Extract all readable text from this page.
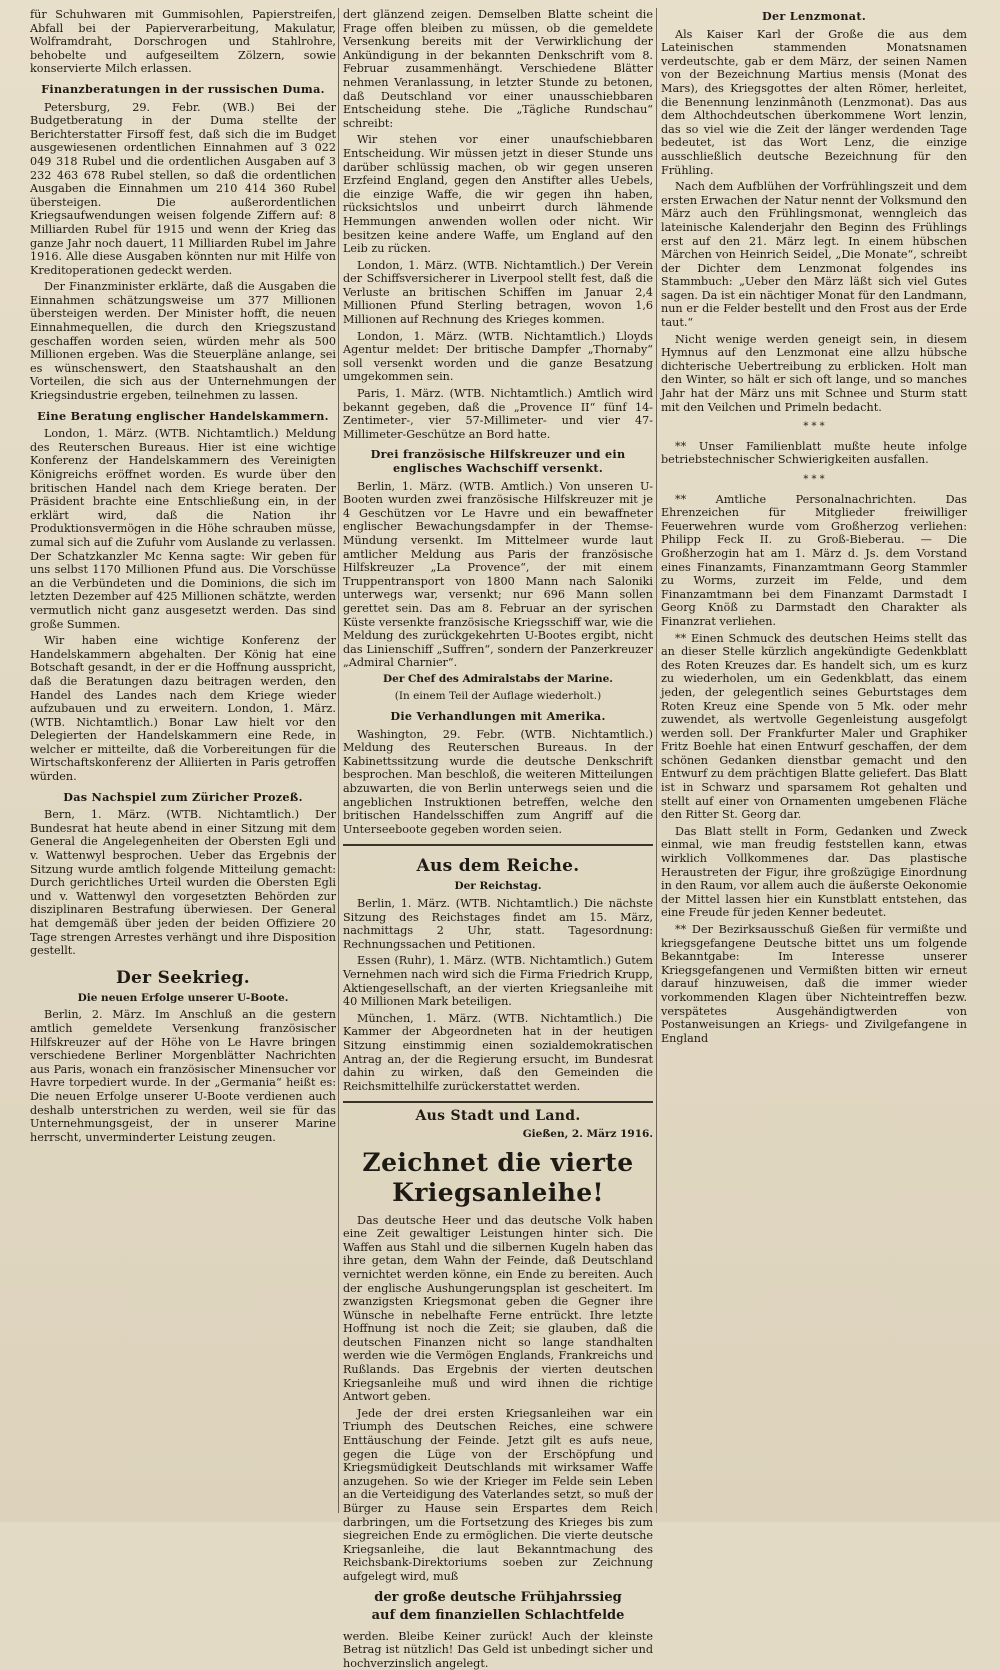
für Schuhwaren mit Gummisohlen, Papierstreifen, Abfall bei der Papierverarbeitung, Makulatur, Wolframdraht, Dorschrogen und Stahlrohre, behobelte und aufgeseiltem Zölzern, sowie konservierte Milch erlassen.

Finanzberatungen in der russischen Duma.

Petersburg, 29. Febr. (WB.) Bei der Budgetberatung in der Duma stellte der Berichterstatter Firsoff fest, daß sich die im Budget ausgewiesenen ordentlichen Einnahmen auf 3 022 049 318 Rubel und die ordentlichen Ausgaben auf 3 232 463 678 Rubel stellen, so daß die ordentlichen Ausgaben die Einnahmen um 210 414 360 Rubel übersteigen. Die außerordentlichen Kriegsaufwendungen weisen folgende Ziffern auf: 8 Milliarden Rubel für 1915 und wenn der Krieg das ganze Jahr noch dauert, 11 Milliarden Rubel im Jahre 1916. Alle diese Ausgaben könnten nur mit Hilfe von Kreditoperationen gedeckt werden.

Der Finanzminister erklärte, daß die Ausgaben die Einnahmen schätzungsweise um 377 Millionen übersteigen werden. Der Minister hofft, die neuen Einnahmequellen, die durch den Kriegszustand geschaffen worden seien, würden mehr als 500 Millionen ergeben. Was die Steuerpläne anlange, sei es wünschenswert, den Staatshaushalt an den Vorteilen, die sich aus der Unternehmungen der Kriegsindustrie ergeben, teilnehmen zu lassen.

Eine Beratung englischer Handelskammern.

London, 1. März. (WTB. Nichtamtlich.) Meldung des Reuterschen Bureaus. Hier ist eine wichtige Konferenz der Handelskammern des Vereinigten Königreichs eröffnet worden. Es wurde über den britischen Handel nach dem Kriege beraten. Der Präsident brachte eine Entschließung ein, in der erklärt wird, daß die Nation ihr Produktionsvermögen in die Höhe schrauben müsse, zumal sich auf die Zufuhr vom Auslande zu verlassen. Der Schatzkanzler Mc Kenna sagte: Wir geben für uns selbst 1170 Millionen Pfund aus. Die Vorschüsse an die Verbündeten und die Dominions, die sich im letzten Dezember auf 425 Millionen schätzte, werden vermutlich nicht ganz ausgesetzt werden. Das sind große Summen.

Wir haben eine wichtige Konferenz der Handelskammern abgehalten. Der König hat eine Botschaft gesandt, in der er die Hoffnung ausspricht, daß die Beratungen dazu beitragen werden, den Handel des Landes nach dem Kriege wieder aufzubauen und zu erweitern. London, 1. März. (WTB. Nichtamtlich.) Bonar Law hielt vor den Delegierten der Handelskammern eine Rede, in welcher er mitteilte, daß die Vorbereitungen für die Wirtschaftskonferenz der Alliierten in Paris getroffen würden.

Das Nachspiel zum Züricher Prozeß.

Bern, 1. März. (WTB. Nichtamtlich.) Der Bundesrat hat heute abend in einer Sitzung mit dem General die Angelegenheiten der Obersten Egli und v. Wattenwyl besprochen. Ueber das Ergebnis der Sitzung wurde amtlich folgende Mitteilung gemacht: Durch gerichtliches Urteil wurden die Obersten Egli und v. Wattenwyl den vorgesetzten Behörden zur disziplinaren Bestrafung überwiesen. Der General hat demgemäß über jeden der beiden Offiziere 20 Tage strengen Arrestes verhängt und ihre Disposition gestellt.

Der Seekrieg.
Die neuen Erfolge unserer U-Boote.

Berlin, 2. März. Im Anschluß an die gestern amtlich gemeldete Versenkung französischer Hilfskreuzer auf der Höhe von Le Havre bringen verschiedene Berliner Morgenblätter Nachrichten aus Paris, wonach ein französischer Minensucher vor Havre torpediert wurde. In der „Germania“ heißt es: Die neuen Erfolge unserer U-Boote verdienen auch deshalb unterstrichen zu werden, weil sie für das Unternehmungsgeist, der in unserer Marine herrscht, unverminderter Leistung zeugen.

dert glänzend zeigen. Demselben Blatte scheint die Frage offen bleiben zu müssen, ob die gemeldete Versenkung bereits mit der Verwirklichung der Ankündigung in der bekannten Denkschrift vom 8. Februar zusammenhängt. Verschiedene Blätter nehmen Veranlassung, in letzter Stunde zu betonen, daß Deutschland vor einer unausschiebbaren Entscheidung stehe. Die „Tägliche Rundschau“ schreibt:

Wir stehen vor einer unaufschiebbaren Entscheidung. Wir müssen jetzt in dieser Stunde uns darüber schlüssig machen, ob wir gegen unseren Erzfeind England, gegen den Anstifter alles Uebels, die einzige Waffe, die wir gegen ihn haben, rücksichtslos und unbeirrt durch lähmende Hemmungen anwenden wollen oder nicht. Wir besitzen keine andere Waffe, um England auf den Leib zu rücken.

London, 1. März. (WTB. Nichtamtlich.) Der Verein der Schiffsversicherer in Liverpool stellt fest, daß die Verluste an britischen Schiffen im Januar 2,4 Millionen Pfund Sterling betragen, wovon 1,6 Millionen auf Rechnung des Krieges kommen.

London, 1. März. (WTB. Nichtamtlich.) Lloyds Agentur meldet: Der britische Dampfer „Thornaby“ soll versenkt worden und die ganze Besatzung umgekommen sein.

Paris, 1. März. (WTB. Nichtamtlich.) Amtlich wird bekannt gegeben, daß die „Provence II“ fünf 14-Zentimeter-, vier 57-Millimeter- und vier 47-Millimeter-Geschütze an Bord hatte.

Drei französische Hilfskreuzer und ein englisches Wachschiff versenkt.

Berlin, 1. März. (WTB. Amtlich.) Von unseren U-Booten wurden zwei französische Hilfskreuzer mit je 4 Geschützen vor Le Havre und ein bewaffneter englischer Bewachungsdampfer in der Themse-Mündung versenkt. Im Mittelmeer wurde laut amtlicher Meldung aus Paris der französische Hilfskreuzer „La Provence“, der mit einem Truppentransport von 1800 Mann nach Saloniki unterwegs war, versenkt; nur 696 Mann sollen gerettet sein. Das am 8. Februar an der syrischen Küste versenkte französische Kriegsschiff war, wie die Meldung des zurückgekehrten U-Bootes ergibt, nicht das Linienschiff „Suffren“, sondern der Panzerkreuzer „Admiral Charnier“.

Der Chef des Admiralstabs der Marine.
(In einem Teil der Auflage wiederholt.)
Die Verhandlungen mit Amerika.

Washington, 29. Febr. (WTB. Nichtamtlich.) Meldung des Reuterschen Bureaus. In der Kabinettssitzung wurde die deutsche Denkschrift besprochen. Man beschloß, die weiteren Mitteilungen abzuwarten, die von Berlin unterwegs seien und die angeblichen Instruktionen betreffen, welche den britischen Handelsschiffen zum Angriff auf die Unterseeboote gegeben worden seien.

Aus dem Reiche.
Der Reichstag.

Berlin, 1. März. (WTB. Nichtamtlich.) Die nächste Sitzung des Reichstages findet am 15. März, nachmittags 2 Uhr, statt. Tagesordnung: Rechnungssachen und Petitionen.

Essen (Ruhr), 1. März. (WTB. Nichtamtlich.) Gutem Vernehmen nach wird sich die Firma Friedrich Krupp, Aktiengesellschaft, an der vierten Kriegsanleihe mit 40 Millionen Mark beteiligen.

München, 1. März. (WTB. Nichtamtlich.) Die Kammer der Abgeordneten hat in der heutigen Sitzung einstimmig einen sozialdemokratischen Antrag an, der die Regierung ersucht, im Bundesrat dahin zu wirken, daß den Gemeinden die Reichsmittelhilfe zurückerstattet werden.

Aus Stadt und Land.
Gießen, 2. März 1916.
Zeichnet die vierte Kriegsanleihe!

Das deutsche Heer und das deutsche Volk haben eine Zeit gewaltiger Leistungen hinter sich. Die Waffen aus Stahl und die silbernen Kugeln haben das ihre getan, dem Wahn der Feinde, daß Deutschland vernichtet werden könne, ein Ende zu bereiten. Auch der englische Aushungerungsplan ist gescheitert. Im zwanzigsten Kriegsmonat geben die Gegner ihre Wünsche in nebelhafte Ferne entrückt. Ihre letzte Hoffnung ist noch die Zeit; sie glauben, daß die deutschen Finanzen nicht so lange standhalten werden wie die Vermögen Englands, Frankreichs und Rußlands. Das Ergebnis der vierten deutschen Kriegsanleihe muß und wird ihnen die richtige Antwort geben.

Jede der drei ersten Kriegsanleihen war ein Triumph des Deutschen Reiches, eine schwere Enttäuschung der Feinde. Jetzt gilt es aufs neue, gegen die Lüge von der Erschöpfung und Kriegsmüdigkeit Deutschlands mit wirksamer Waffe anzugehen. So wie der Krieger im Felde sein Leben an die Verteidigung des Vaterlandes setzt, so muß der Bürger zu Hause sein Erspartes dem Reich darbringen, um die Fortsetzung des Krieges bis zum siegreichen Ende zu ermöglichen. Die vierte deutsche Kriegsanleihe, die laut Bekanntmachung des Reichsbank-Direktoriums soeben zur Zeichnung aufgelegt wird, muß

der große deutsche Frühjahrssieg
auf dem finanziellen Schlachtfelde

werden. Bleibe Keiner zurück! Auch der kleinste Betrag ist nützlich! Das Geld ist unbedingt sicher und hochverzinslich angelegt.

Der Lenzmonat.

Als Kaiser Karl der Große die aus dem Lateinischen stammenden Monatsnamen verdeutschte, gab er dem März, der seinen Namen von der Bezeichnung Martius mensis (Monat des Mars), des Kriegsgottes der alten Römer, herleitet, die Benennung lenzinmânoth (Lenzmonat). Das aus dem Althochdeutschen überkommene Wort lenzin, das so viel wie die Zeit der länger werdenden Tage bedeutet, ist das Wort Lenz, die einzige ausschließlich deutsche Bezeichnung für den Frühling.

Nach dem Aufblühen der Vorfrühlingszeit und dem ersten Erwachen der Natur nennt der Volksmund den März auch den Frühlingsmonat, wenngleich das lateinische Kalenderjahr den Beginn des Frühlings erst auf den 21. März legt. In einem hübschen Märchen von Heinrich Seidel, „Die Monate“, schreibt der Dichter dem Lenzmonat folgendes ins Stammbuch: „Ueber den März läßt sich viel Gutes sagen. Da ist ein nächtiger Monat für den Landmann, nun er die Felder bestellt und den Frost aus der Erde taut.“

Nicht wenige werden geneigt sein, in diesem Hymnus auf den Lenzmonat eine allzu hübsche dichterische Uebertreibung zu erblicken. Holt man den Winter, so hält er sich oft lange, und so manches Jahr hat der März uns mit Schnee und Sturm statt mit den Veilchen und Primeln bedacht.

* * *

** Unser Familienblatt mußte heute infolge betriebstechnischer Schwierigkeiten ausfallen.

* * *

** Amtliche Personalnachrichten. Das Ehrenzeichen für Mitglieder freiwilliger Feuerwehren wurde vom Großherzog verliehen: Philipp Feck II. zu Groß-Bieberau. — Die Großherzogin hat am 1. März d. Js. dem Vorstand eines Finanzamts, Finanzamtmann Georg Stammler zu Worms, zurzeit im Felde, und dem Finanzamtmann bei dem Finanzamt Darmstadt I Georg Knöß zu Darmstadt den Charakter als Finanzrat verliehen.

** Einen Schmuck des deutschen Heims stellt das an dieser Stelle kürzlich angekündigte Gedenkblatt des Roten Kreuzes dar. Es handelt sich, um es kurz zu wiederholen, um ein Gedenkblatt, das einem jeden, der gelegentlich seines Geburtstages dem Roten Kreuz eine Spende von 5 Mk. oder mehr zuwendet, als wertvolle Gegenleistung ausgefolgt werden soll. Der Frankfurter Maler und Graphiker Fritz Boehle hat einen Entwurf geschaffen, der dem schönen Gedanken dienstbar gemacht und den Entwurf zu dem prächtigen Blatte geliefert. Das Blatt ist in Schwarz und sparsamem Rot gehalten und stellt auf einer von Ornamenten umgebenen Fläche den Ritter St. Georg dar.

Das Blatt stellt in Form, Gedanken und Zweck einmal, wie man freudig feststellen kann, etwas wirklich Vollkommenes dar. Das plastische Heraustreten der Figur, ihre großzügige Einordnung in den Raum, vor allem auch die äußerste Oekonomie der Mittel lassen hier ein Kunstblatt entstehen, das eine Freude für jeden Kenner bedeutet.

** Der Bezirksausschuß Gießen für vermißte und kriegsgefangene Deutsche bittet uns um folgende Bekanntgabe: Im Interesse unserer Kriegsgefangenen und Vermißten bitten wir erneut darauf hinzuweisen, daß die immer wieder vorkommenden Klagen über Nichteintreffen bezw. verspätetes Ausgehändigtwerden von Postanweisungen an Kriegs- und Zivilgefangene in England
